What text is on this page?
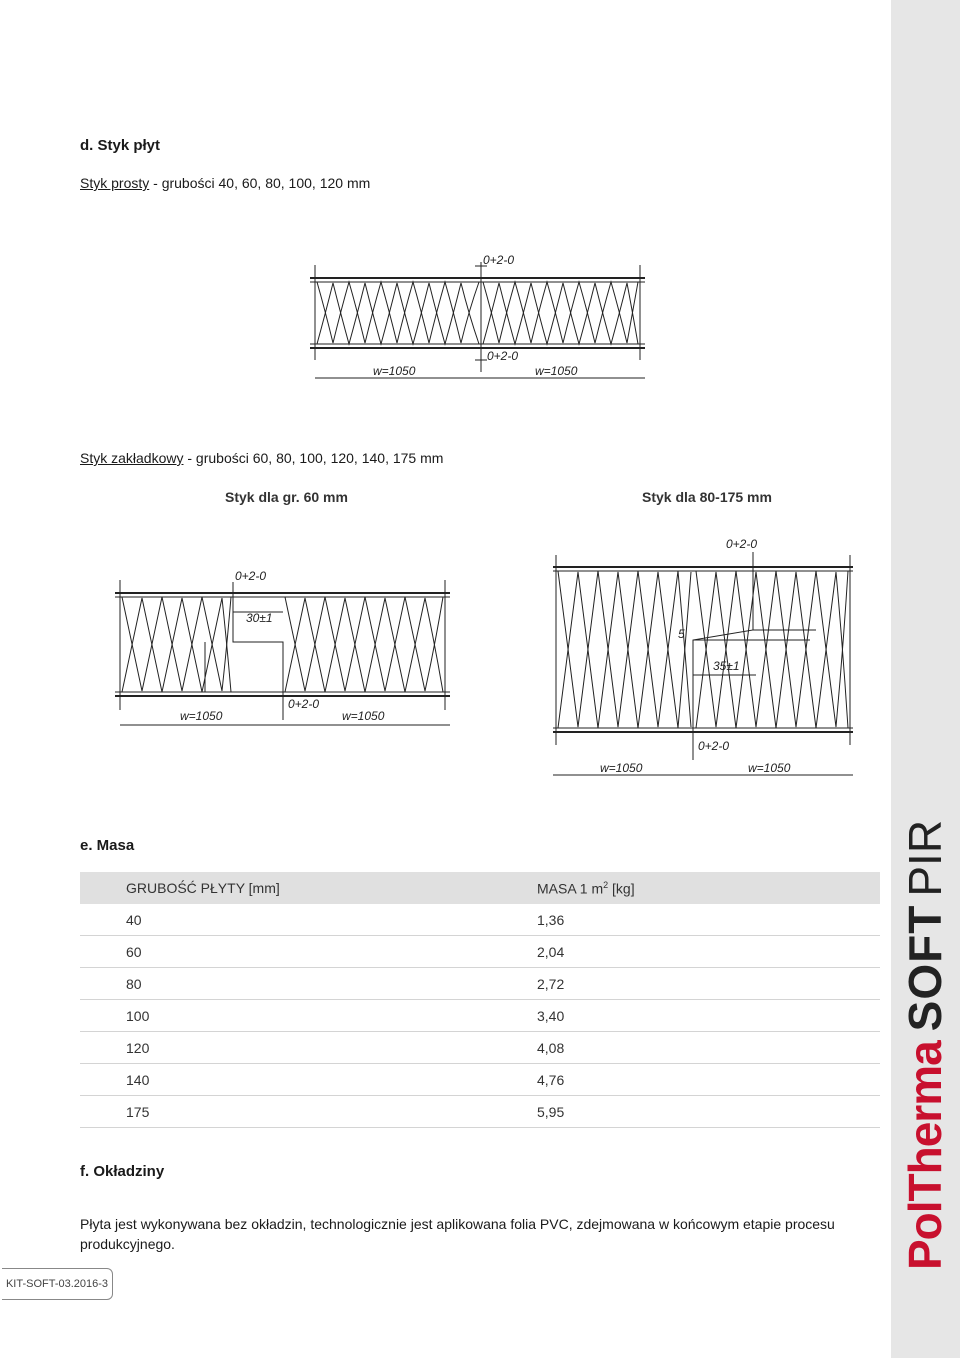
PolThermaSOFTPIR
d. Styk płyt

Styk prosty - grubości 40, 60, 80, 100, 120 mm

0+2-0
0+2-0
w=1050	w=1050

Styk zakładkowy - grubości 60, 80, 100, 120, 140, 175 mm

Styk dla gr. 60 mm	Styk dla 80-175 mm
0+2-0
0+2-0
30±1
w=1050	w=1050
0+2-0
0+2-0
35±1
5
w=1050	w=1050
e. Masa
GRUBOŚĆ PŁYTY [mm]	MASA 1 $m^2$ [kg]
40	1,36
60	2,04
80	2,72
100	3,40
120	4,08
140	4,76
175	5,95
f. Okładziny

Płyta jest wykonywana bez okładzin, technologicznie jest aplikowana folia PVC, zdejmowana w końcowym etapie procesu produkcyjnego.

KIT-SOFT-03.2016-3
